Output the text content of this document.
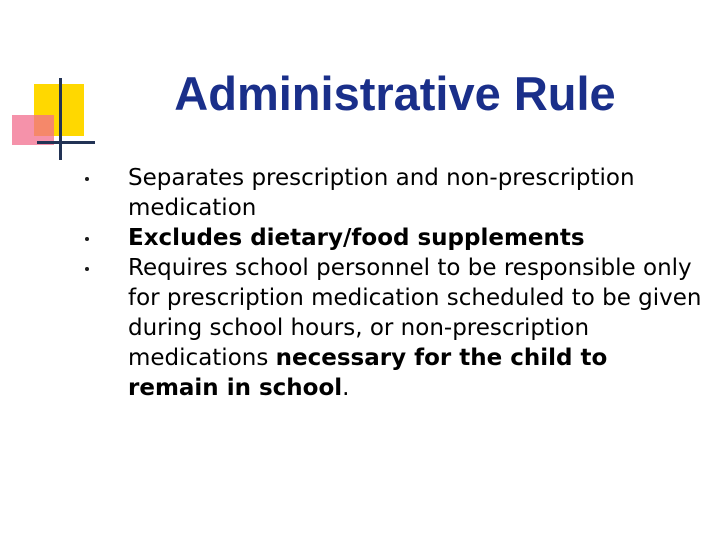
Administrative Rule
Separates prescription and non-prescription medication
Excludes dietary/food supplements
Requires school personnel to be responsible only for prescription medication scheduled to be given during school hours, or non-prescription medications necessary for the child to remain in school.
